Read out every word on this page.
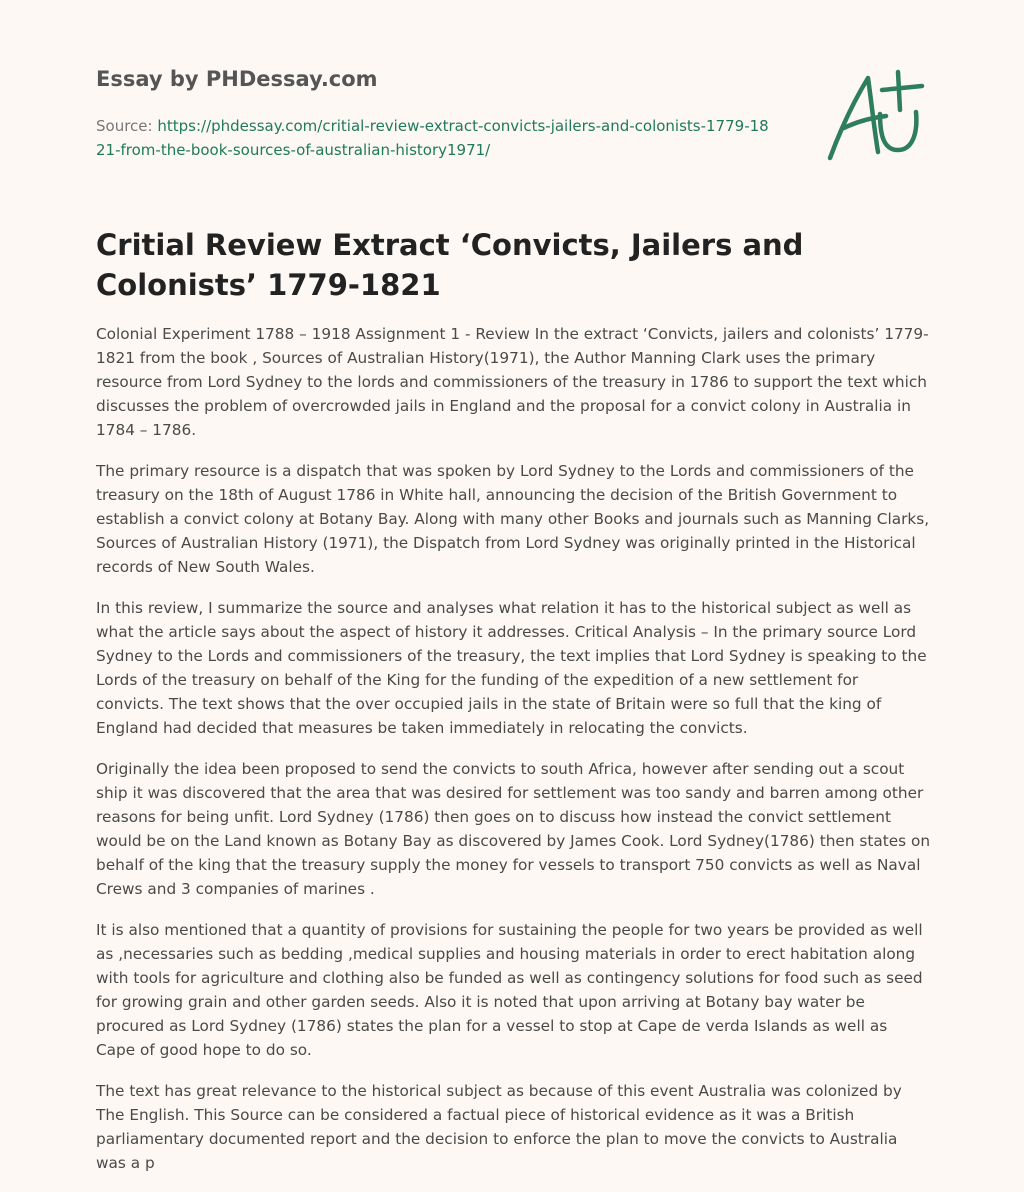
Essay by PHDessay.com

Source: https://phdessay.com/critial-review-extract-convicts-jailers-and-colonists-1779-1821-from-the-book-sources-of-australian-history1971/
Critial Review Extract ‘Convicts, Jailers and Colonists’ 1779-1821

Colonial Experiment 1788 – 1918 Assignment 1 - Review In the extract ‘Convicts, jailers and colonists’ 1779-1821 from the book , Sources of Australian History(1971), the Author Manning Clark uses the primary resource from Lord Sydney to the lords and commissioners of the treasury in 1786 to support the text which discusses the problem of overcrowded jails in England and the proposal for a convict colony in Australia in 1784 – 1786.

The primary resource is a dispatch that was spoken by Lord Sydney to the Lords and commissioners of the treasury on the 18th of August 1786 in White hall, announcing the decision of the British Government to establish a convict colony at Botany Bay. Along with many other Books and journals such as Manning Clarks, Sources of Australian History (1971), the Dispatch from Lord Sydney was originally printed in the Historical records of New South Wales.

In this review, I summarize the source and analyses what relation it has to the historical subject as well as what the article says about the aspect of history it addresses. Critical Analysis – In the primary source Lord Sydney to the Lords and commissioners of the treasury, the text implies that Lord Sydney is speaking to the Lords of the treasury on behalf of the King for the funding of the expedition of a new settlement for convicts. The text shows that the over occupied jails in the state of Britain were so full that the king of England had decided that measures be taken immediately in relocating the convicts.

Originally the idea been proposed to send the convicts to south Africa, however after sending out a scout ship it was discovered that the area that was desired for settlement was too sandy and barren among other reasons for being unfit. Lord Sydney (1786) then goes on to discuss how instead the convict settlement would be on the Land known as Botany Bay as discovered by James Cook. Lord Sydney(1786) then states on behalf of the king that the treasury supply the money for vessels to transport 750 convicts as well as Naval Crews and 3 companies of marines .

It is also mentioned that a quantity of provisions for sustaining the people for two years be provided as well as ,necessaries such as bedding ,medical supplies and housing materials in order to erect habitation along with tools for agriculture and clothing also be funded as well as contingency solutions for food such as seed for growing grain and other garden seeds. Also it is noted that upon arriving at Botany bay water be procured as Lord Sydney (1786) states the plan for a vessel to stop at Cape de verda Islands as well as Cape of good hope to do so.

The text has great relevance to the historical subject as because of this event Australia was colonized by The English. This Source can be considered a factual piece of historical evidence as it was a British parliamentary documented report and the decision to enforce the plan to move the convicts to Australia was a p
